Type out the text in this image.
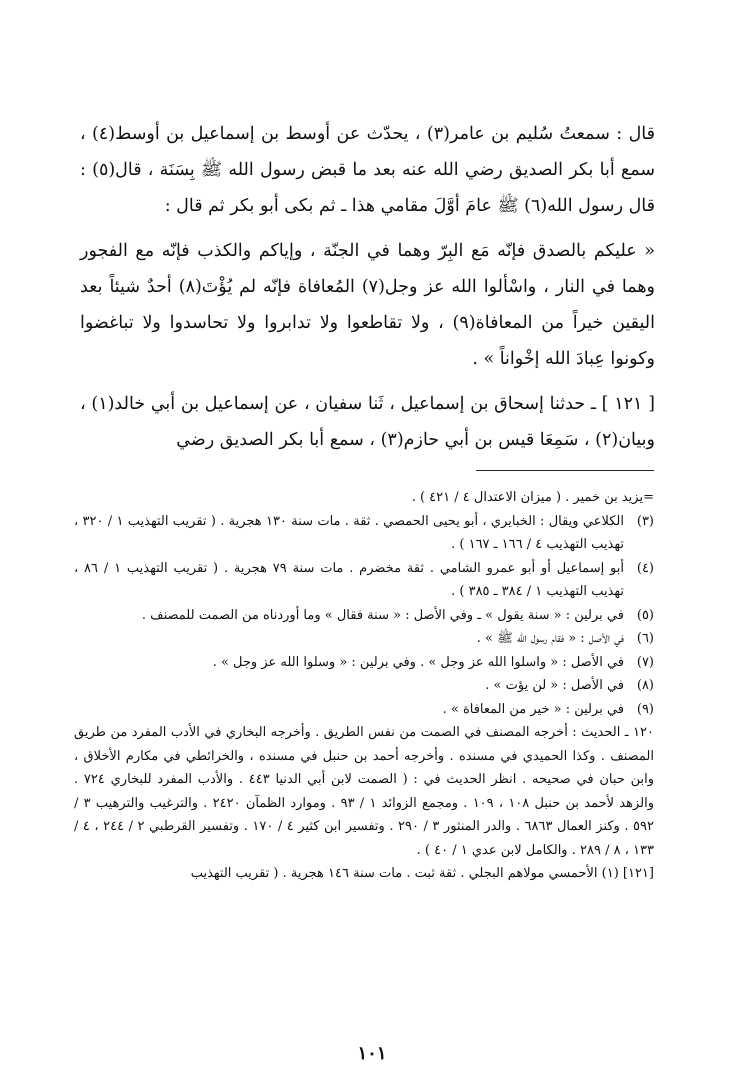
قال : سمعتُ سُليم بن عامر(٣) ، يحدّث عن أوسط بن إسماعيل بن أوسط(٤) ، سمع أبا بكر الصديق رضي الله عنه بعد ما قبض رسول الله ﷺ بِسَنَة ، قال(٥) : قال رسول الله(٦) ﷺ عامَ أوَّلَ مقامي هذا ـ ثم بكى أبو بكر ثم قال :

« عليكم بالصدق فإنّه مَع البِرّ وهما في الجنّة ، وإياكم والكذب فإنّه مع الفجور وهما في النار ، واسْألوا الله عز وجل(٧) المُعافاة فإنّه لم يُؤْتَ(٨) أحدٌ شيئاً بعد اليقين خيراً من المعافاة(٩) ، ولا تقاطعوا ولا تدابروا ولا تحاسدوا ولا تباغضوا وكونوا عِبادَ الله إخْواناً » .

[ ١٢١ ] ـ حدثنا إسحاق بن إسماعيل ، ثَنا سفيان ، عن إسماعيل بن أبي خالد(١) ، وبيان(٢) ، سَمِعَا قيس بن أبي حازم(٣) ، سمع أبا بكر الصديق رضي

=
يزيد بن خمير . ( ميزان الاعتدال ٤ / ٤٢١ ) .
(٣)
الكلاعي ويقال : الخبايري ، أبو يحيى الحمصي . ثقة . مات سنة ١٣٠ هجرية . ( تقريب التهذيب ١ / ٣٢٠ ، تهذيب التهذيب ٤ / ١٦٦ ـ ١٦٧ ) .
(٤)
أبو إسماعيل أو أبو عمرو الشامي . ثقة مخضرم . مات سنة ٧٩ هجرية . ( تقريب التهذيب ١ / ٨٦ ، تهذيب التهذيب ١ / ٣٨٤ ـ ٣٨٥ ) .
(٥)
في برلين : « سنة يقول » ـ وفي الأصل : « سنة فقال » وما أوردناه من الصمت للمصنف .
(٦)
في الأصل : « فقام رسول الله ﷺ » .
(٧)
في الأصل : « واسلوا الله عز وجل » . وفي برلين : « وسلوا الله عز وجل » .
(٨)
في الأصل : « لن يؤت » .
(٩)
في برلين : « خير من المعافاة » .

١٢٠ ـ الحديث : أخرجه المصنف في الصمت من نفس الطريق . وأخرجه البخاري في الأدب المفرد من طريق المصنف . وكذا الحميدي في مسنده . وأخرجه أحمد بن حنبل في مسنده ، والخرائطي في مكارم الأخلاق ، وابن حبان في صحيحه . انظر الحديث في : ( الصمت لابن أبي الدنيا ٤٤٣ . والأدب المفرد للبخاري ٧٢٤ . والزهد لأحمد بن حنبل ١٠٨ ، ١٠٩ . ومجمع الزوائد ١ / ٩٣ . وموارد الظمآن ٢٤٢٠ . والترغيب والترهيب ٣ / ٥٩٢ . وكنز العمال ٦٨٦٣ . والدر المنثور ٣ / ٢٩٠ . وتفسير ابن كثير ٤ / ١٧٠ . وتفسير القرطبي ٢ / ٢٤٤ ، ٤ / ١٣٣ ، ٨ / ٢٨٩ . والكامل لابن عدي ١ / ٤٠ ) .

[١٢١] (١) الأحمسي مولاهم البجلي . ثقة ثبت . مات سنة ١٤٦ هجرية . ( تقريب التهذيب

١٠١
